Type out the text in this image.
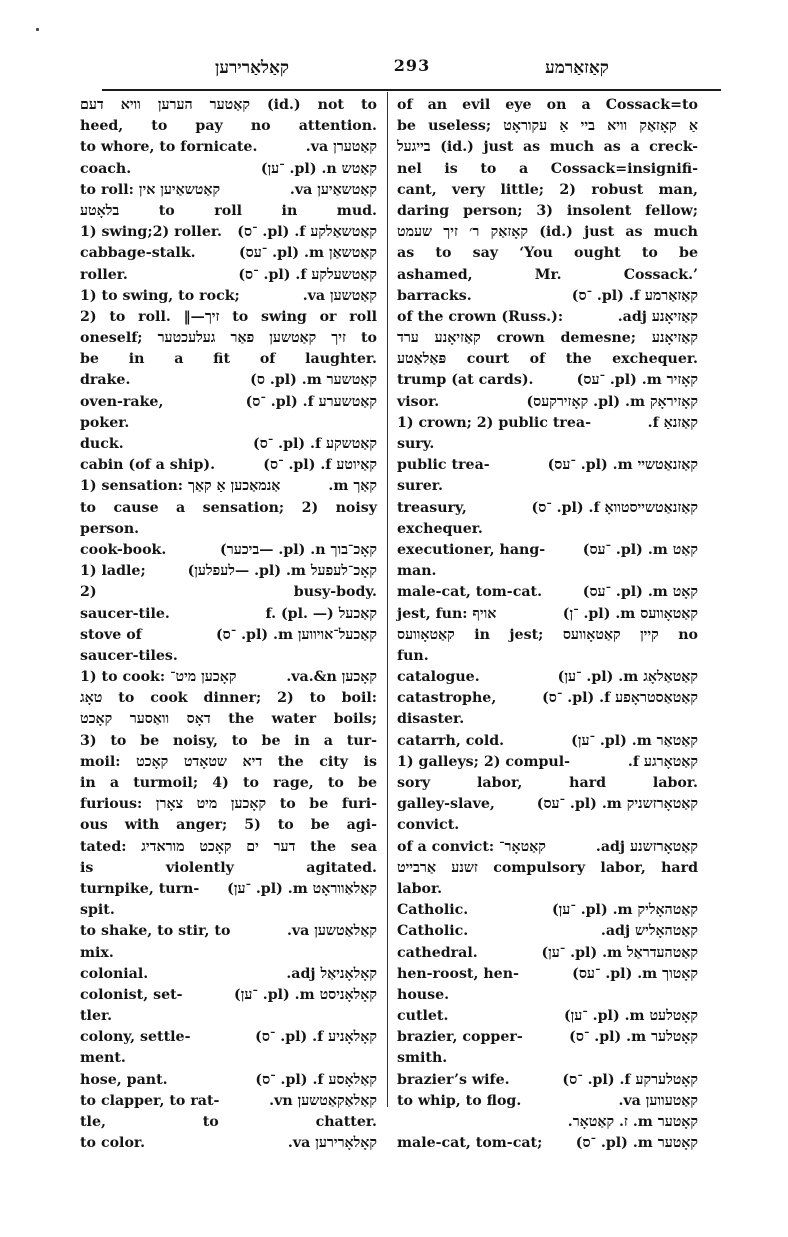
קאַלאַרירען	293	קאַזאַרמע
קאַטער הערען וויא דעם (id.) not to
heed, to pay no attention.
to whore, to fornicate.	קאַטערן va.
coach.	קאַטש n. (pl. ־ען)
to roll: קאַטשאַיען אין	קאַטשאַיען va.
בלאָטע to roll in mud.
1) swing;2) roller. קאַטשאַלקע f. (pl. ־ס)
cabbage-stalk.	קאַטשאַן m. (pl. ־עס)
roller.	קאַטשעלקע f. (pl. ־ס)
1) to swing, to rock;	קאַטשען va.
2) to roll. ‖—זיך to swing or roll
oneself; זיך קאַטשען פאַר געלעכטער to
be in a fit of laughter.
drake.	קאַטשער m. (pl. ס)
oven-rake,	קאַטשערע f. (pl. ־ס)
poker.
duck.	קאַטשקע f. (pl. ־ס)
cabin (of a ship).	קאַיוטע f. (pl. ־ס)
1) sensation: אַנמאַכען אַ קאַך	קאַך m.
to cause a sensation; 2) noisy
person.
cook-book.	קאָכ־בוך n. (pl. —ביכער)
1) ladle;	קאָכ־לעפעל m. (pl. —לעפלען)
2) busy-body.
saucer-tile.	קאַכעל f. (pl. —)
stove of	קאַכעל־אויווען m. (pl. ־ס)
saucer-tiles.
1) to cook: קאָכען מיט־	קאָכען va.&n.
טאָג to cook dinner; 2) to boil:
דאָס וואַסער קאָכט the water boils;
3) to be noisy, to be in a tur-
moil: דיא שטאָדט קאָכט the city is
in a turmoil; 4) to rage, to be
furious: קאָכען מיט צאָרן to be furi-
ous with anger; 5) to be agi-
tated: דער ים קאָכט מוראדיג the sea
is violently agitated.
turnpike, turn- קאַלאַווראָט m. (pl. ־ען)
spit.
to shake, to stir, to	קאַלאַטשען va.
mix.
colonial.	קאָלאָניאַל adj.
colonist, set-	קאָלאָניסט m. (pl. ־ען)
tler.
colony, settle-	קאָלאָניע f. (pl. ־ס)
ment.
hose, pant.	קאַלאָסע f. (pl. ־ס)
to clapper, to rat-	קאַלאַקאַטשען vn.
tle, to chatter.
to color.	קאָלאָרירען va.
of an evil eye on a Cossack=to
be useless; אַ קאָזאַק וויא ביי אַ עקוראָט
בייגעל (id.) just as much as a creck-
nel is to a Cossack=insignifi-
cant, very little; 2) robust man,
daring person; 3) insolent fellow;
קאָזאַק ר׳ זיך שעמט (id.) just as much
as to say ‘You ought to be
ashamed, Mr. Cossack.’
barracks.	קאַזאַרמע f. (pl. ־ס)
of the crown (Russ.):	קאַזיאָנע adj.
קאַזיאָנע ערד crown demesne; קאַזיאָנע
פּאַלאַטע court of the exchequer.
trump (at cards).	קאָזיר m. (pl. ־עס)
visor.	קאָזיראָק m. (pl. קאָזירקעס)
1) crown; 2) public trea-	קאַזנאַ f.
sury.
public trea-	קאַזנאַטשיי m. (pl. ־עס)
surer.
treasury,	קאַזנאַטשייסטוואָ f. (pl. ־ס)
exchequer.
executioner, hang-	קאַט m. (pl. ־עס)
man.
male-cat, tom-cat.	קאָט m. (pl. ־עס)
jest, fun: אויף	קאַטאָוועס m. (pl. ־ן)
קאַטאָוועס in jest; קיין קאַטאָוועס no
fun.
catalogue.	קאַטאַלאָג m. (pl. ־ען)
catastrophe,	קאַטאַסטראָפע f. (pl. ־ס)
disaster.
catarrh, cold.	קאַטאַר m. (pl. ־ען)
1) galleys; 2) compul-	קאַטאָרגע f.
sory labor, hard labor.
galley-slave,	קאַטאָרזשניק m. (pl. ־עס)
convict.
of a convict: קאַטאָר־	קאַטאָרזשנע adj.
זשנע אַרבייט compulsory labor, hard
labor.
Catholic.	קאַטהאָליק m. (pl. ־ען)
Catholic.	קאַטהאָליש adj.
cathedral.	קאַטהעדראַל m. (pl. ־ען)
hen-roost, hen-	קאָטוך m. (pl. ־עס)
house.
cutlet.	קאָטלעט m. (pl. ־ען)
brazier, copper-	קאָטלער m. (pl. ־ס)
smith.
brazier’s wife.	קאָטלערקע f. (pl. ־ס)
to whip, to flog.	קאַטעווען va.
קאָטער m. ז. קאַטאָר.
male-cat, tom-cat; קאָטער m. (pl. ־ס)
